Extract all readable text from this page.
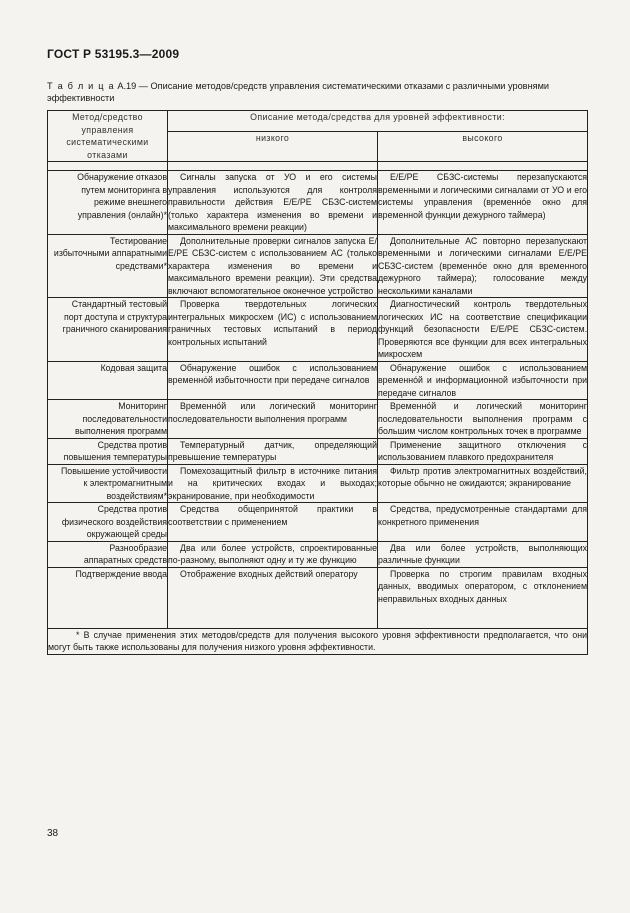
ГОСТ Р 53195.3—2009
Т а б л и ц а А.19 — Описание методов/средств управления систематическими отказами с различными уровнями эффективности
Метод/средство управления систематическими отказами	Описание метода/средства для уровней эффективности:	
	низкого	высокого

Обнаружение отказов путем мониторинга в режиме внешнего управления (онлайн)*	Сигналы запуска от УО и его системы управления используются для контроля правильности действия Е/Е/РЕ СБЗС-систем (только характера изменения во времени и максимального времени реакции)	Е/Е/РЕ СБЗС-системы перезапускаются временными и логическими сигналами от УО и его системы управления (временно́е окно для временной функции дежурного таймера)

Тестирование избыточными аппаратными средствами*	Дополнительные проверки сигналов запуска Е/Е/РЕ СБЗС-систем с использованием АС (только характера изменения во времени и максимального времени реакции). Эти средства включают вспомогательное оконечное устройство	Дополнительные АС повторно перезапускают временными и логическими сигналами Е/Е/РЕ СБЗС-систем (временно́е окно для временного дежурного таймера); голосование между несколькими каналами

Стандартный тестовый порт доступа и структура граничного сканирования	Проверка твердотельных логических интегральных микросхем (ИС) с использованием граничных тестовых испытаний в период контрольных испытаний	Диагностический контроль твердотельных логических ИС на соответствие спецификации функций безопасности Е/Е/РЕ СБЗС-систем. Проверяются все функции для всех интегральных микросхем

Кодовая защита	Обнаружение ошибок с использованием временно́й избыточности при передаче сигналов	Обнаружение ошибок с использованием временно́й и информационной избыточности при передаче сигналов

Мониторинг последовательности выполнения программ	Временно́й или логический мониторинг последовательности выполнения программ	Временно́й и логический мониторинг последовательности выполнения программ с большим числом контрольных точек в программе

Средства против повышения температуры	Температурный датчик, определяющий превышение температуры	Применение защитного отключения с использованием плавкого предохранителя

Повышение устойчивости к электромагнитным воздействиям*	Помехозащитный фильтр в источнике питания и на критических входах и выходах; экранирование, при необходимости	Фильтр против электромагнитных воздействий, которые обычно не ожидаются; экранирование

Средства против физического воздействия окружающей среды	Средства общепринятой практики в соответствии с применением	Средства, предусмотренные стандартами для конкретного применения

Разнообразие аппаратных средств	Два или более устройств, спроектированные по-разному, выполняют одну и ту же функцию	Два или более устройств, выполняющих различные функции

Подтверждение ввода	Отображение входных действий оператору	Проверка по строгим правилам входных данных, вводимых оператором, с отклонением неправильных входных данных
* В случае применения этих методов/средств для получения высокого уровня эффективности предполагается, что они могут быть также использованы для получения низкого уровня эффективности.		
38
